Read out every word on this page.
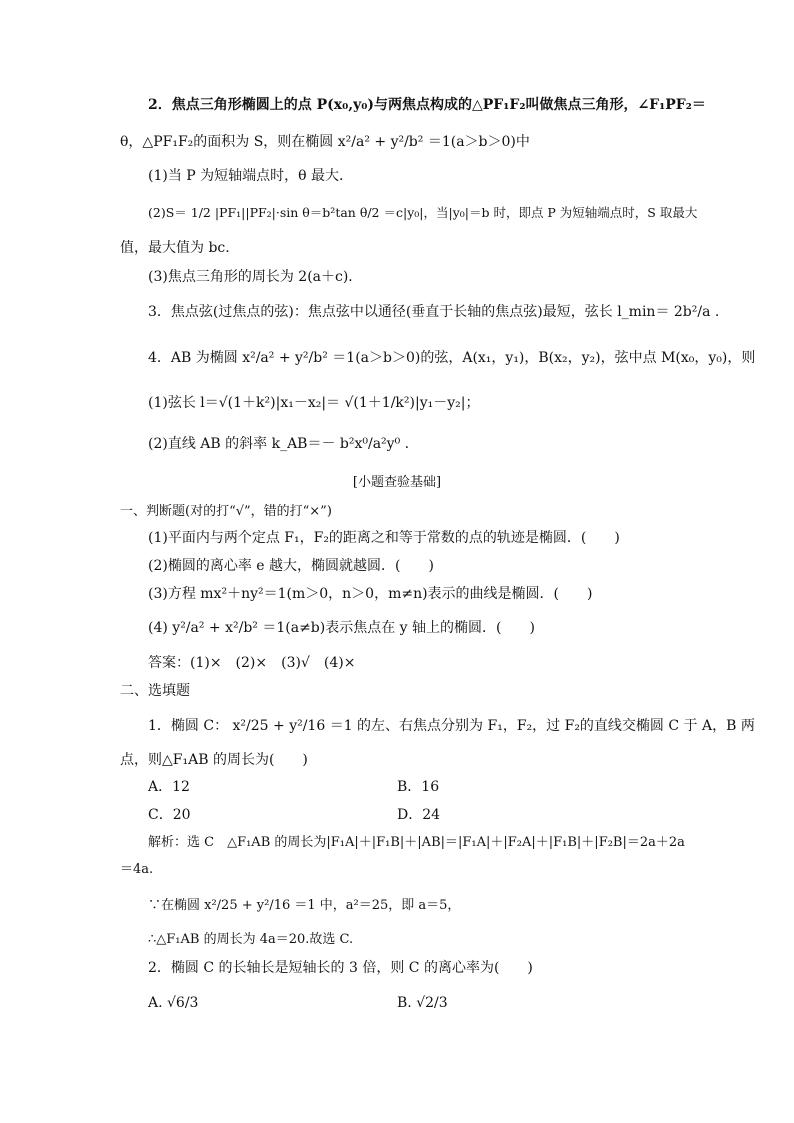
2．焦点三角形椭圆上的点 P(x₀,y₀)与两焦点构成的△PF₁F₂叫做焦点三角形，∠F₁PF₂＝
θ，△PF₁F₂的面积为 S，则在椭圆 x²/a² + y²/b² ＝1(a＞b＞0)中
(1)当 P 为短轴端点时，θ 最大．
(2)S＝ 1/2 |PF₁||PF₂|·sin θ＝b²tan θ/2 ＝c|y₀|，当|y₀|＝b 时，即点 P 为短轴端点时，S 取最大
值，最大值为 bc.
(3)焦点三角形的周长为 2(a＋c)．
3．焦点弦(过焦点的弦)：焦点弦中以通径(垂直于长轴的焦点弦)最短，弦长 l_min＝ 2b²/a .
4．AB 为椭圆 x²/a² + y²/b² ＝1(a＞b＞0)的弦，A(x₁，y₁)，B(x₂，y₂)，弦中点 M(x₀，y₀)，则
(1)弦长 l＝√(1＋k²)|x₁－x₂|＝ √(1＋1/k²)|y₁－y₂|；
(2)直线 AB 的斜率 k_AB＝－ b²x⁰/a²y⁰ .
[小题查验基础]
一、判断题(对的打“√”，错的打“×”)
(1)平面内与两个定点 F₁，F₂的距离之和等于常数的点的轨迹是椭圆．(　　)
(2)椭圆的离心率 e 越大，椭圆就越圆．(　　)
(3)方程 mx²＋ny²＝1(m＞0，n＞0，m≠n)表示的曲线是椭圆．(　　)
(4) y²/a² + x²/b² ＝1(a≠b)表示焦点在 y 轴上的椭圆．(　　)
答案：(1)×　(2)×　(3)√　(4)×
二、选填题
1．椭圆 C： x²/25 + y²/16 ＝1 的左、右焦点分别为 F₁，F₂，过 F₂的直线交椭圆 C 于 A，B 两
点，则△F₁AB 的周长为(　　)
A．12	B．16
C．20	D．24
解析：选 C　△F₁AB 的周长为|F₁A|＋|F₁B|＋|AB|＝|F₁A|＋|F₂A|＋|F₁B|＋|F₂B|＝2a＋2a
＝4a.
∵在椭圆 x²/25 + y²/16 ＝1 中，a²＝25，即 a＝5，
∴△F₁AB 的周长为 4a＝20.故选 C.
2．椭圆 C 的长轴长是短轴长的 3 倍，则 C 的离心率为(　　)
A. √6/3	B. √2/3
